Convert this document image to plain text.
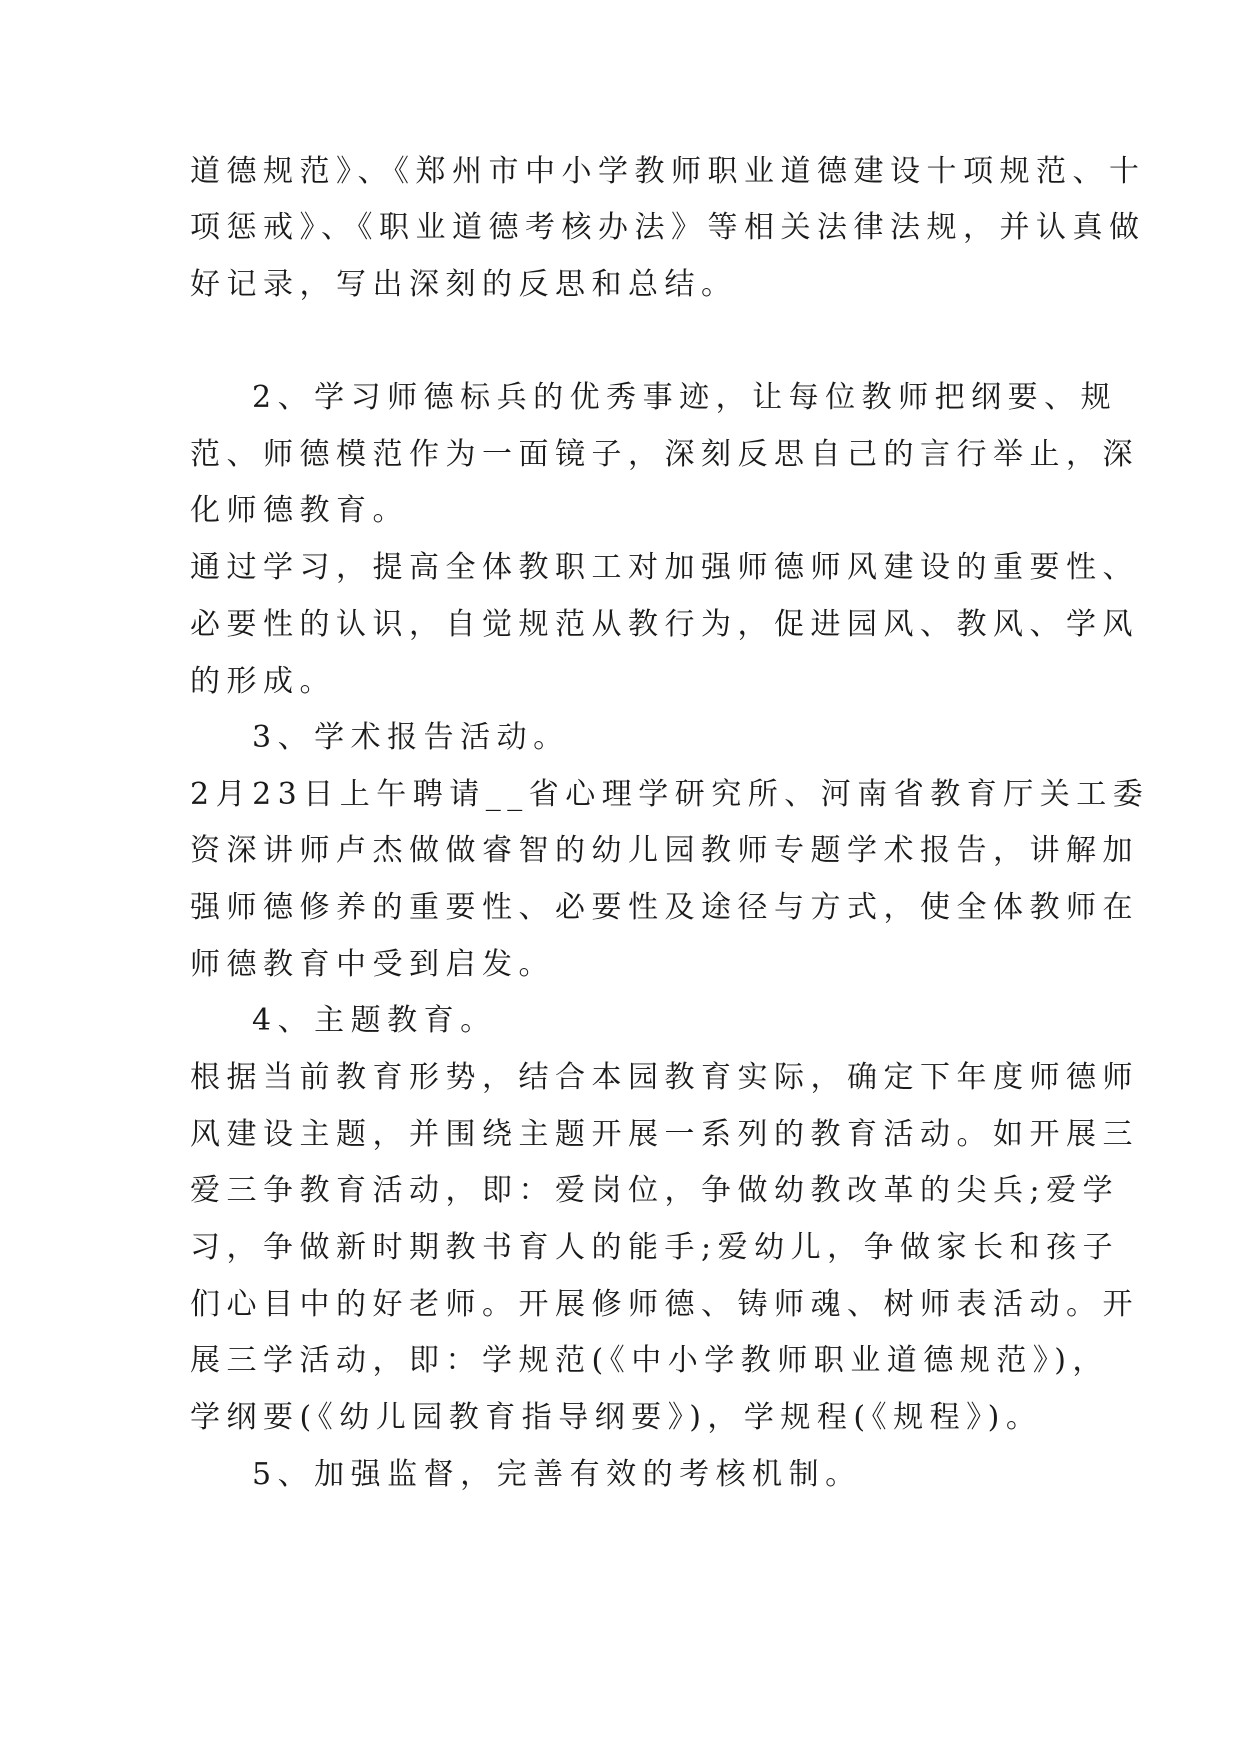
道德规范》、《郑州市中小学教师职业道德建设十项规范、十
项惩戒》、《职业道德考核办法》等相关法律法规，并认真做
好记录，写出深刻的反思和总结。
2、学习师德标兵的优秀事迹，让每位教师把纲要、规
范、师德模范作为一面镜子，深刻反思自己的言行举止，深
化师德教育。
通过学习，提高全体教职工对加强师德师风建设的重要性、
必要性的认识，自觉规范从教行为，促进园风、教风、学风
的形成。
3、学术报告活动。
2月23日上午聘请__省心理学研究所、河南省教育厅关工委
资深讲师卢杰做做睿智的幼儿园教师专题学术报告，讲解加
强师德修养的重要性、必要性及途径与方式，使全体教师在
师德教育中受到启发。
4、主题教育。
根据当前教育形势，结合本园教育实际，确定下年度师德师
风建设主题，并围绕主题开展一系列的教育活动。如开展三
爱三争教育活动，即：爱岗位，争做幼教改革的尖兵;爱学
习，争做新时期教书育人的能手;爱幼儿，争做家长和孩子
们心目中的好老师。开展修师德、铸师魂、树师表活动。开
展三学活动，即：学规范(《中小学教师职业道德规范》)，
学纲要(《幼儿园教育指导纲要》)，学规程(《规程》)。
5、加强监督，完善有效的考核机制。
